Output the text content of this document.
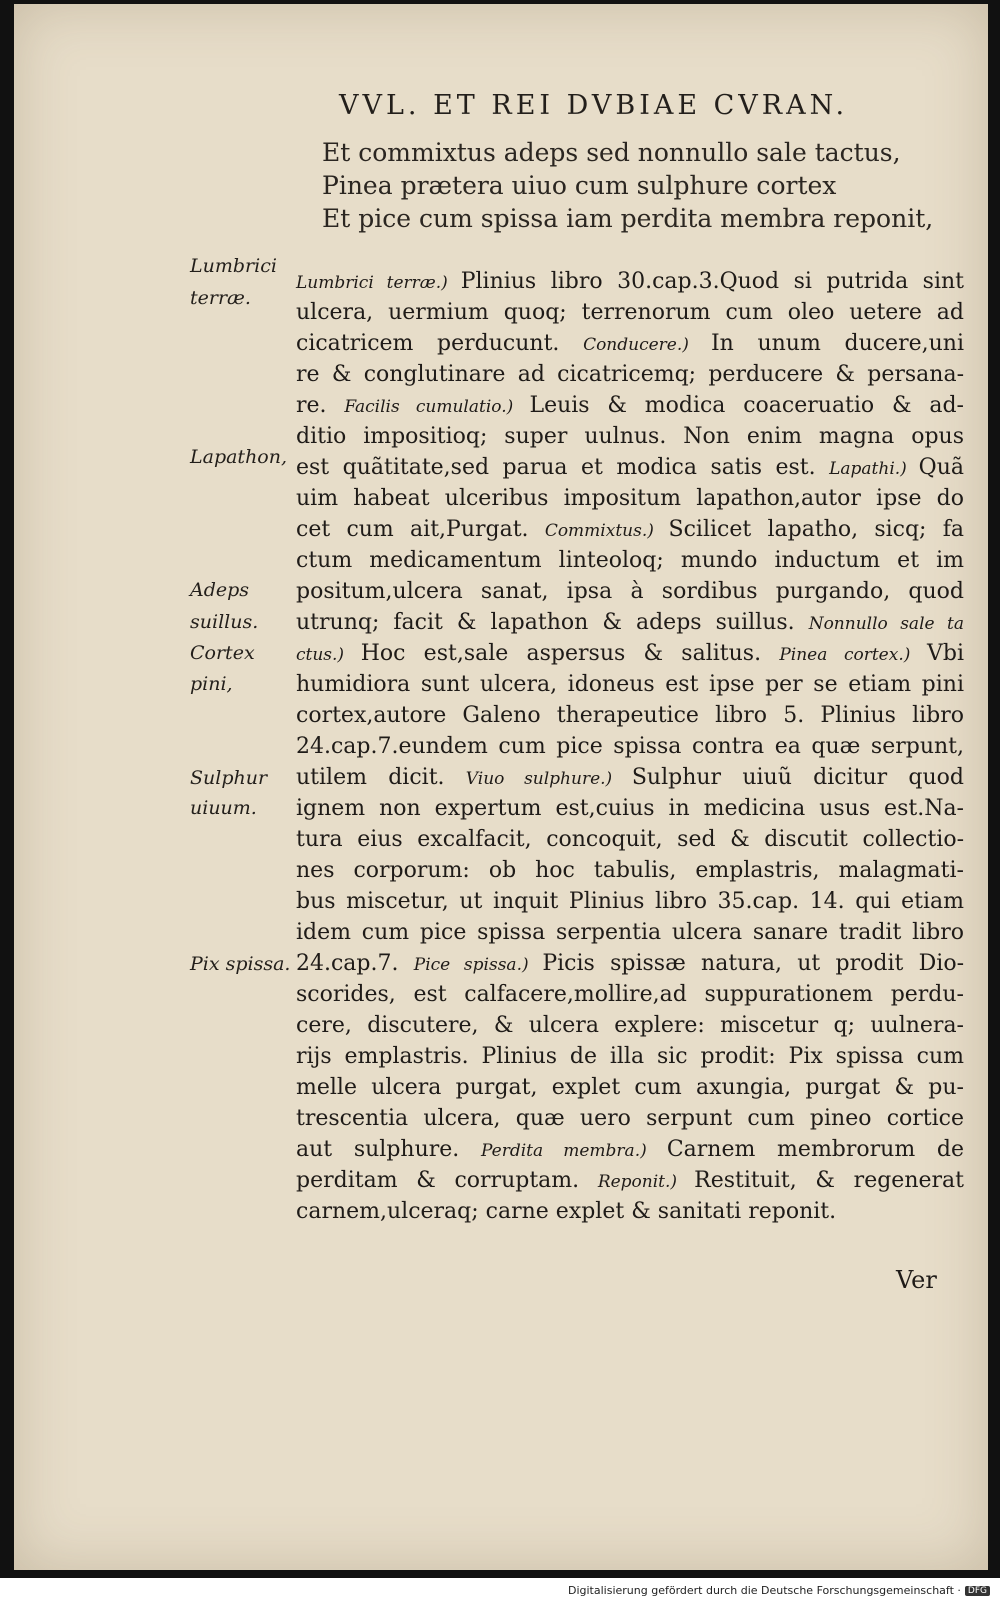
VVL. ET REI DVBIAE CVRAN.
Et commixtus adeps sed nonnullo sale tactus,
Pinea prætera uiuo cum sulphure cortex
Et pice cum spissa iam perdita membra reponit,
Lumbrici
terræ.
Lapathon,
Adeps
suillus.
Cortex
pini,
Sulphur
uiuum.
Pix spissa.
Lumbrici terræ.) Plinius libro 30.cap.3.Quod si putrida sint
ulcera, uermium quoq; terrenorum cum oleo uetere ad
cicatricem perducunt. Conducere.) In unum ducere,uni
re & conglutinare ad cicatricemq; perducere & persana-
re. Facilis cumulatio.) Leuis & modica coaceruatio & ad-
ditio impositioq; super uulnus. Non enim magna opus
est quãtitate,sed parua et modica satis est. Lapathi.) Quã
uim habeat ulceribus impositum lapathon,autor ipse do
cet cum ait,Purgat. Commixtus.) Scilicet lapatho, sicq; fa
ctum medicamentum linteoloq; mundo inductum et im
positum,ulcera sanat, ipsa à sordibus purgando, quod
utrunq; facit & lapathon & adeps suillus. Nonnullo sale ta
ctus.) Hoc est,sale aspersus & salitus. Pinea cortex.) Vbi
humidiora sunt ulcera, idoneus est ipse per se etiam pini
cortex,autore Galeno therapeutice libro 5. Plinius libro
24.cap.7.eundem cum pice spissa contra ea quæ serpunt,
utilem dicit. Viuo sulphure.) Sulphur uiuũ dicitur quod
ignem non expertum est,cuius in medicina usus est.Na-
tura eius excalfacit, concoquit, sed & discutit collectio-
nes corporum: ob hoc tabulis, emplastris, malagmati-
bus miscetur, ut inquit Plinius libro 35.cap. 14. qui etiam
idem cum pice spissa serpentia ulcera sanare tradit libro
24.cap.7. Pice spissa.) Picis spissæ natura, ut prodit Dio-
scorides, est calfacere,mollire,ad suppurationem perdu-
cere, discutere, & ulcera explere: miscetur q; uulnera-
rijs emplastris. Plinius de illa sic prodit: Pix spissa cum
melle ulcera purgat, explet cum axungia, purgat & pu-
trescentia ulcera, quæ uero serpunt cum pineo cortice
aut sulphure. Perdita membra.) Carnem membrorum de
perditam & corruptam. Reponit.) Restituit, & regenerat
carnem,ulceraq; carne explet & sanitati reponit.
Ver
Digitalisierung gefördert durch die Deutsche Forschungsgemeinschaft · DFG
